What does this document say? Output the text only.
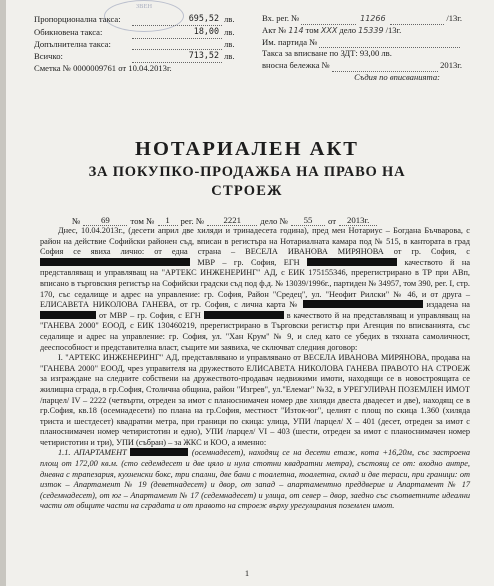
ЗВЕН
Пропорционална такса:	695,52 лв.
Обикновена такса:	18,00 лв.
Допълнителна такса:	лв.
Всичко:	713,52 лв.
Сметка № 0000009761 от 10.04.2013г.
Вх. рег. №	11266	/13г.
Акт № 114 том XXX дело 15339 /13г.
Им. партида №
Такса за вписване по ЗДТ: 93,00 лв.
вносна бележка №	2013г.
Съдия по вписванията:
НОТАРИАЛЕН АКТ
ЗА ПОКУПКО-ПРОДАЖБА НА ПРАВО НА
СТРОЕЖ
№	69	том №	1	рег. №	2221	дело №	55	от	2013г.

Днес, 10.04.2013г., (десети април две хиляди и тринадесета година), пред мен Нотариус – Богдана Бъчварова, с район на действие Софийски районен съд, вписан в регистъра на Нотариалната камара под № 515, в кантората в град София се явиха лично: от една страна – ВЕСЕЛА ИВАНОВА МИРЯНОВА от гр. София, с  МВР – гр. София, ЕГН	качеството й на представляващ и управляващ на "АРТЕКС ИНЖЕНЕРИНГ" АД, с ЕИК 175155346, пререгистрирано в ТР при АВп, вписано в търговския регистър на Софийски градски съд под ф.д. № 13039/1996г., партиден № 34957, том 390, рег. I, стр. 170, със седалище и адрес на управление: гр. София, Район "Средец", ул. "Неофит Рилски" № 46, и от друга – ЕЛИСАВЕТА НИКОЛОВА ГАНЕВА, от гр. София, с лична карта №	издадена на  от МВР – гр. София, с ЕГН	в качеството й на представляващ и управляващ на "ГАНЕВА 2000" ЕООД, с ЕИК 130460219, пререгистрирано в Търговски регистър при Агенция по вписванията, със седалище и адрес на управление: гр. София, ул. "Хан Крум" № 9, и след като се убедих в тяхната самоличност, дееспособност и представителна власт, същите ми заявиха, че сключват следния договор:

I. "АРТЕКС ИНЖЕНЕРИНГ" АД, представлявано и управлявано от ВЕСЕЛА ИВАНОВА МИРЯНОВА, продава на "ГАНЕВА 2000" ЕООД, чрез управителя на дружеството ЕЛИСАВЕТА НИКОЛОВА ГАНЕВА ПРАВОТО НА СТРОЕЖ за изграждане на следните собствени на дружеството-продавач недвижими имоти, находящи се в новостроящата се жилищна сграда, в гр.София, Столична община, район "Изгрев", ул."Елемаг" №32, в УРЕГУЛИРАН ПОЗЕМЛЕН ИМОТ /парцел/ IV – 2222 (четвърти, отреден за имот с планоснимачен номер две хиляди двеста двадесет и две), находящ се в гр.София, кв.18 (осемнадесети) по плана на гр.София, местност "Изток-юг", целият с площ по скица 1.360 (хиляда триста и шестдесет) квадратни метра, при граници по скица: улица, УПИ /парцел/ X – 401 (десет, отреден за имот с планоснимачен номер четиристотин и едно), УПИ /парцел/ VI – 403 (шести, отреден за имот с планоснимачен номер четиристотин и три), УПИ (събран) – за ЖКС и КОО, а именно:

1.1. АПАРТАМЕНТ	(осемнадесет), находящ се на десети етаж, кота +16,20м, със застроена площ от 172,00 кв.м. (сто седемдесет и две цяло и нула стотни квадратни метра), състоящ се от: входно антре, дневна с трапезария, кухненски бокс, три спални, две бани с тоалетна, тоалетна, склад и две тераси, при граници: от изток – Апартамент № 19 (деветнадесет) и двор, от запад – апартаментно преддверие и Апартамент № 17 (седемнадесет), от юг – Апартамент № 17 (седемнадесет) и улица, от север – двор, заедно със съответните идеални части от общите части на сградата и от правото на строеж върху урегулирания поземлен имот.

1
